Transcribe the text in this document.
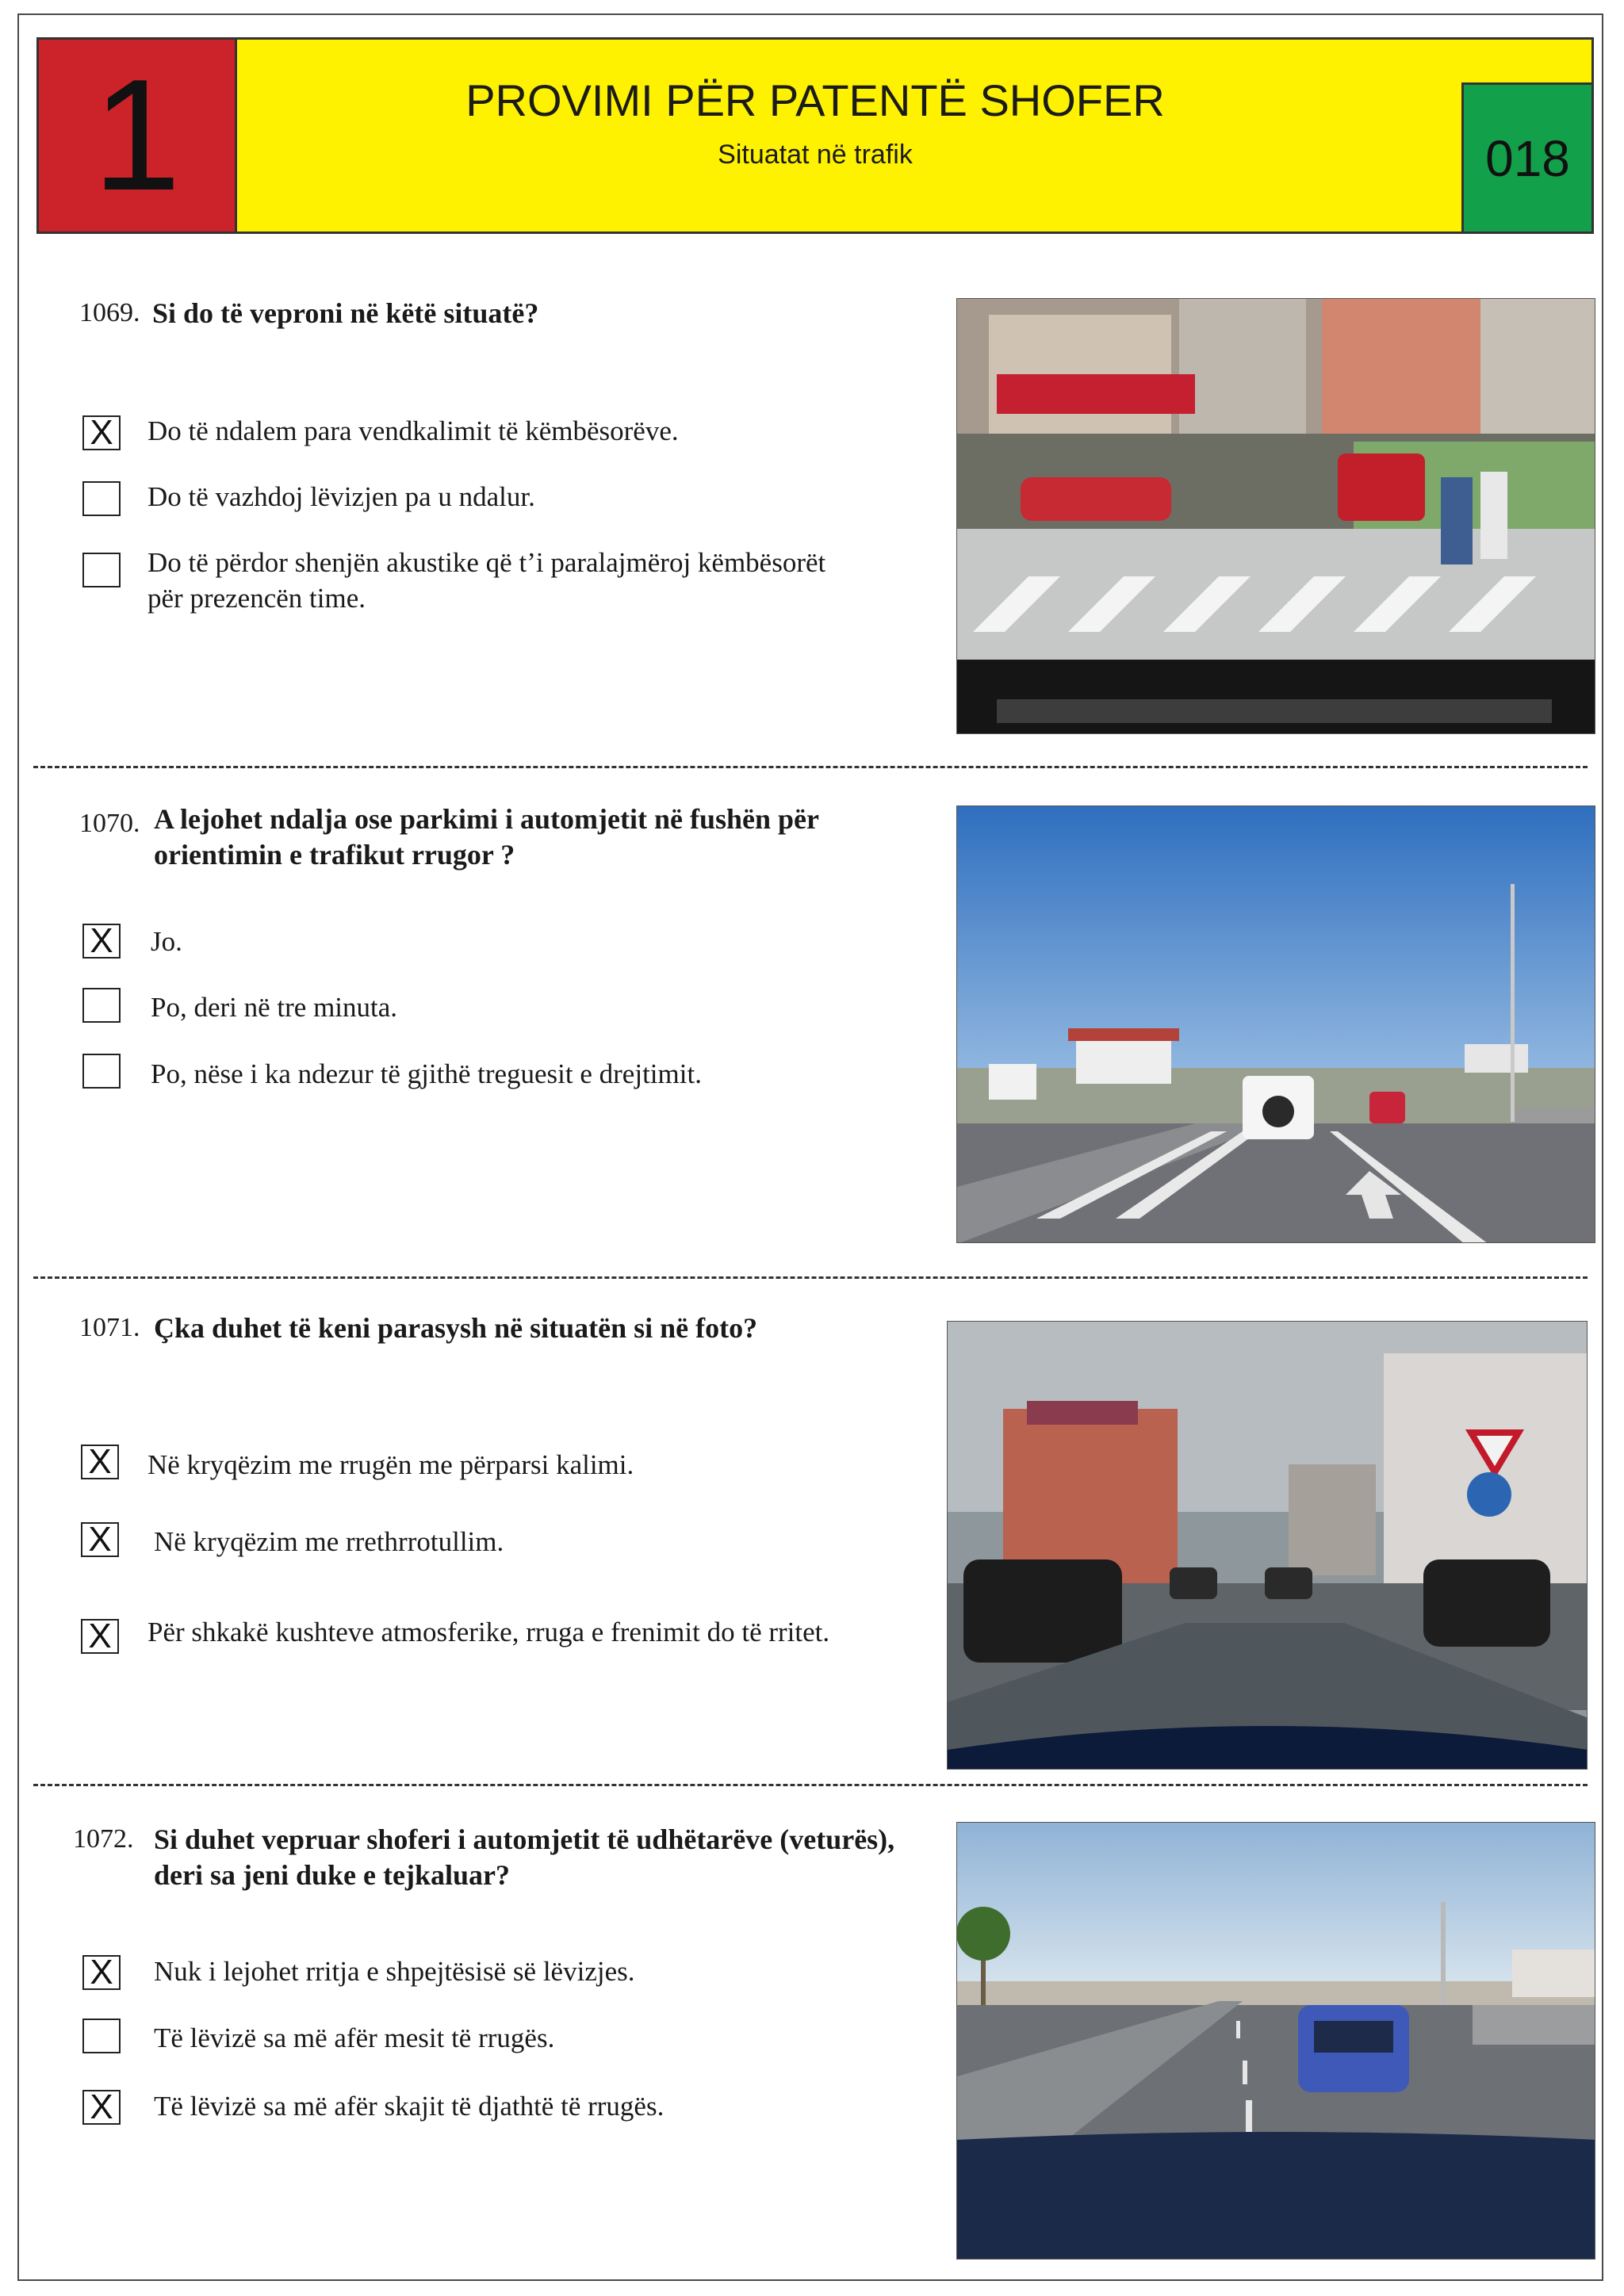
1	PROVIMI PËR PATENTË SHOFER
Situatat në trafik	018
1069. Si do të veproni në këtë situatë?
X Do të ndalem para vendkalimit të këmbësorëve.
Do të vazhdoj lëvizjen pa u ndalur.
Do të përdor shenjën akustike që t’i paralajmëroj këmbësorët
për prezencën time.
1070. A lejohet ndalja ose parkimi i automjetit në fushën për
orientimin e trafikut rrugor ?
X Jo.
Po, deri në tre minuta.
Po, nëse i ka ndezur të gjithë treguesit e drejtimit.
1071. Çka duhet të keni parasysh në situatën si në foto?
X Në kryqëzim me rrugën me përparsi kalimi.
X Në kryqëzim me rrethrrotullim.
X Për shkakë kushteve atmosferike, rruga e frenimit do të rritet.
1072. Si duhet vepruar shoferi i automjetit të udhëtarëve (veturës),
deri sa jeni duke e tejkaluar?
X Nuk i lejohet rritja e shpejtësisë së lëvizjes.
Të lëvizë sa më afër mesit të rrugës.
X Të lëvizë sa më afër skajit të djathtë të rrugës.
